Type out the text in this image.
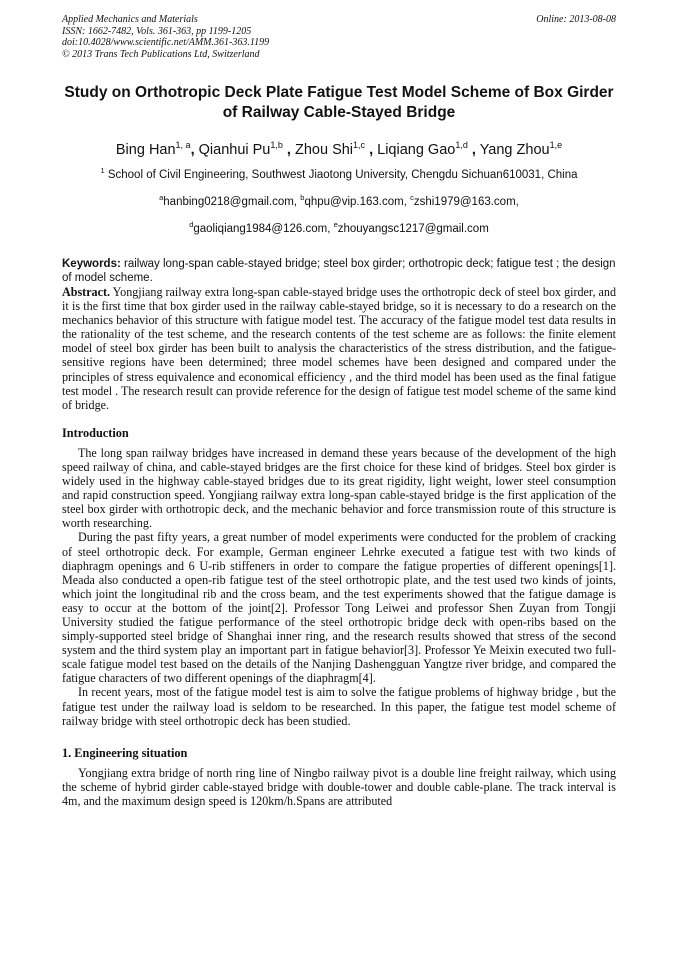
Applied Mechanics and Materials
ISSN: 1662-7482, Vols. 361-363, pp 1199-1205
doi:10.4028/www.scientific.net/AMM.361-363.1199
© 2013 Trans Tech Publications Ltd, Switzerland
Online: 2013-08-08
Study on Orthotropic Deck Plate Fatigue Test Model Scheme of Box Girder of Railway Cable-Stayed Bridge
Bing Han$^{1, a}$, Qianhui Pu$^{1,b}$ , Zhou Shi$^{1,c}$ , Liqiang Gao$^{1,d}$ , Yang Zhou$^{1,e}$
$^1$ School of Civil Engineering, Southwest Jiaotong University, Chengdu Sichuan610031, China
$^a$hanbing0218@gmail.com, $^b$qhpu@vip.163.com, $^c$zshi1979@163.com,
$^d$gaoliqiang1984@126.com, $^e$zhouyangsc1217@gmail.com
Keywords: railway long-span cable-stayed bridge; steel box girder; orthotropic deck; fatigue test ; the design of model scheme.

Abstract. Yongjiang railway extra long-span cable-stayed bridge uses the orthotropic deck of steel box girder, and it is the first time that box girder used in the railway cable-stayed bridge, so it is necessary to do a research on the mechanics behavior of this structure with fatigue model test. The accuracy of the fatigue model test data results in the rationality of the test scheme, and the research contents of the test scheme are as follows: the finite element model of steel box girder has been built to analysis the characteristics of the stress distribution, and the fatigue-sensitive regions have been determined; three model schemes have been designed and compared under the principles of stress equivalence and economical efficiency , and the third model has been used as the final fatigue test model . The research result can provide reference for the design of fatigue test model scheme of the same kind of bridge.

Introduction

The long span railway bridges have increased in demand these years because of the development of the high speed railway of china, and cable-stayed bridges are the first choice for these kind of bridges. Steel box girder is widely used in the highway cable-stayed bridges due to its great rigidity, light weight, lower steel consumption and rapid construction speed. Yongjiang railway extra long-span cable-stayed bridge is the first application of the steel box girder with orthotropic deck, and the mechanic behavior and force transmission route of this structure is worth researching.

During the past fifty years, a great number of model experiments were conducted for the problem of cracking of steel orthotropic deck. For example, German engineer Lehrke executed a fatigue test with two kinds of diaphragm openings and 6 U-rib stiffeners in order to compare the fatigue properties of different openings[1]. Meada also conducted a open-rib fatigue test of the steel orthotropic plate, and the test used two kinds of joints, which joint the longitudinal rib and the cross beam, and the test experiments showed that the fatigue damage is easy to occur at the bottom of the joint[2]. Professor Tong Leiwei and professor Shen Zuyan from Tongji University studied the fatigue performance of the steel orthotropic bridge deck with open-ribs based on the simply-supported steel bridge of Shanghai inner ring, and the research results showed that stress of the second system and the third system play an important part in fatigue behavior[3]. Professor Ye Meixin executed two full-scale fatigue model test based on the details of the Nanjing Dashengguan Yangtze river bridge, and compared the fatigue characters of two different openings of the diaphragm[4].

In recent years, most of the fatigue model test is aim to solve the fatigue problems of highway bridge , but the fatigue test under the railway load is seldom to be researched. In this paper, the fatigue test model scheme of railway bridge with steel orthotropic deck has been studied.

1. Engineering situation

Yongjiang extra bridge of north ring line of Ningbo railway pivot is a double line freight railway, which using the scheme of hybrid girder cable-stayed bridge with double-tower and double cable-plane. The track interval is 4m, and the maximum design speed is 120km/h.Spans are attributed
